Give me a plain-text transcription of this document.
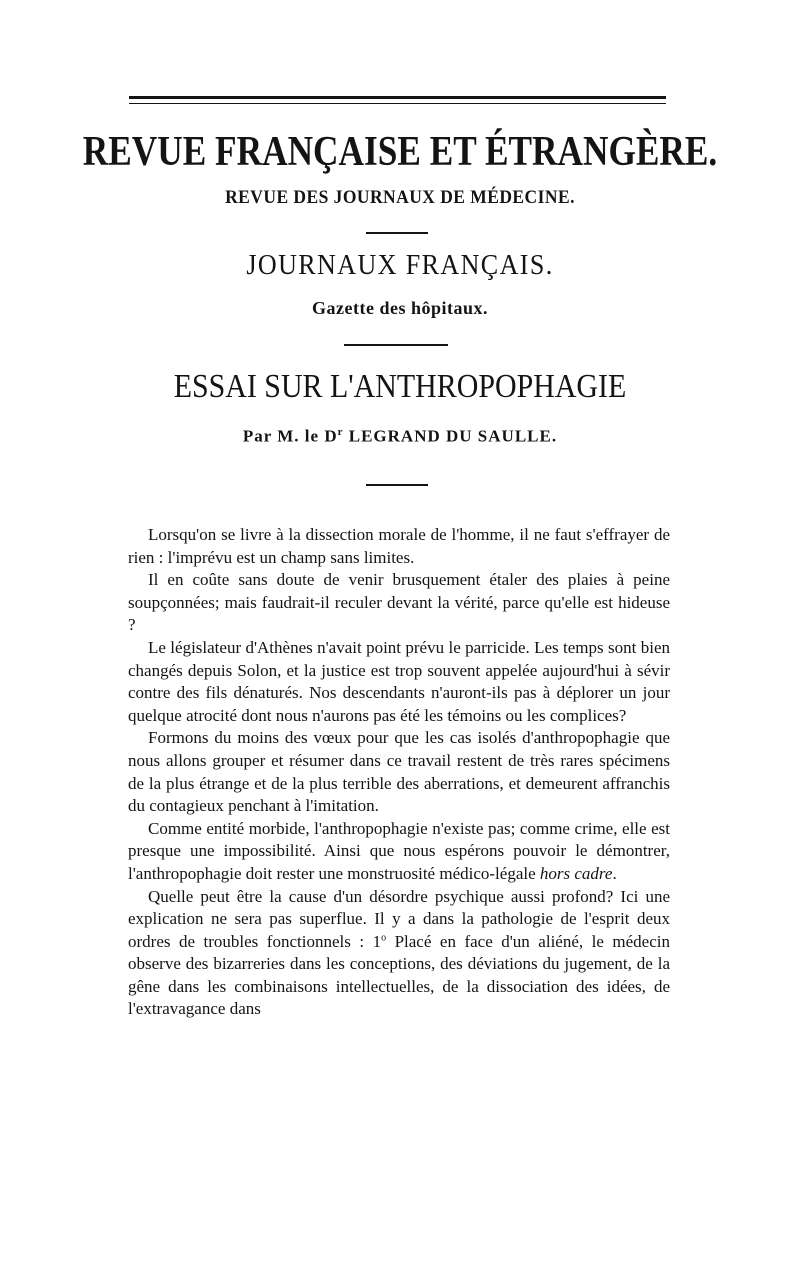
REVUE FRANÇAISE ET ÉTRANGÈRE.
REVUE DES JOURNAUX DE MÉDECINE.
JOURNAUX FRANÇAIS.
Gazette des hôpitaux.
ESSAI SUR L'ANTHROPOPHAGIE
Par M. le $D^r$ LEGRAND DU SAULLE.

Lorsqu'on se livre à la dissection morale de l'homme, il ne faut s'effrayer de rien : l'imprévu est un champ sans limites.

Il en coûte sans doute de venir brusquement étaler des plaies à peine soupçonnées; mais faudrait-il reculer devant la vérité, parce qu'elle est hideuse ?

Le législateur d'Athènes n'avait point prévu le parricide. Les temps sont bien changés depuis Solon, et la justice est trop souvent appelée aujourd'hui à sévir contre des fils dénaturés. Nos descendants n'auront-ils pas à déplorer un jour quelque atrocité dont nous n'aurons pas été les témoins ou les complices?

Formons du moins des vœux pour que les cas isolés d'anthropophagie que nous allons grouper et résumer dans ce travail restent de très rares spécimens de la plus étrange et de la plus terrible des aberrations, et demeurent affranchis du contagieux penchant à l'imitation.

Comme entité morbide, l'anthropophagie n'existe pas; comme crime, elle est presque une impossibilité. Ainsi que nous espérons pouvoir le démontrer, l'anthropophagie doit rester une monstruosité médico-légale hors cadre.

Quelle peut être la cause d'un désordre psychique aussi profond? Ici une explication ne sera pas superflue. Il y a dans la pathologie de l'esprit deux ordres de troubles fonctionnels : 1$^o$ Placé en face d'un aliéné, le médecin observe des bizarreries dans les conceptions, des déviations du jugement, de la gêne dans les combinaisons intellectuelles, de la dissociation des idées, de l'extravagance dans
